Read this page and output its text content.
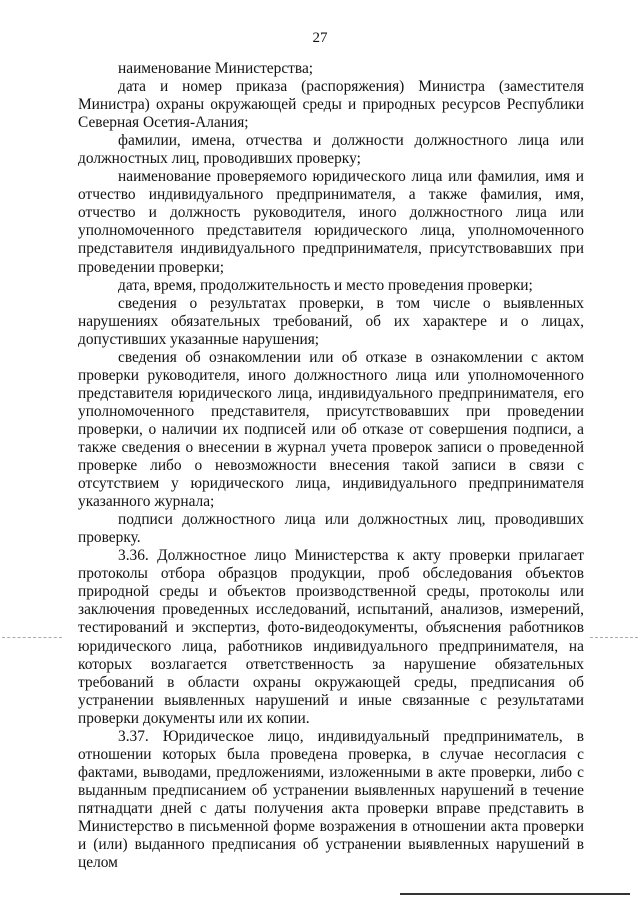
27

наименование Министерства;

дата и номер приказа (распоряжения) Министра (заместителя Министра) охраны окружающей среды и природных ресурсов Республики Северная Осетия-Алания;

фамилии, имена, отчества и должности должностного лица или должностных лиц, проводивших проверку;

наименование проверяемого юридического лица или фамилия, имя и отчество индивидуального предпринимателя, а также фамилия, имя, отчество и должность руководителя, иного должностного лица или уполномоченного представителя юридического лица, уполномоченного представителя индивидуального предпринимателя, присутствовавших при проведении проверки;

дата, время, продолжительность и место проведения проверки;

сведения о результатах проверки, в том числе о выявленных нарушениях обязательных требований, об их характере и о лицах, допустивших указанные нарушения;

сведения об ознакомлении или об отказе в ознакомлении с актом проверки руководителя, иного должностного лица или уполномоченного представителя юридического лица, индивидуального предпринимателя, его уполномоченного представителя, присутствовавших при проведении проверки, о наличии их подписей или об отказе от совершения подписи, а также сведения о внесении в журнал учета проверок записи о проведенной проверке либо о невозможности внесения такой записи в связи с отсутствием у юридического лица, индивидуального предпринимателя указанного журнала;

подписи должностного лица или должностных лиц, проводивших проверку.

3.36. Должностное лицо Министерства к акту проверки прилагает протоколы отбора образцов продукции, проб обследования объектов природной среды и объектов производственной среды, протоколы или заключения проведенных исследований, испытаний, анализов, измерений, тестирований и экспертиз, фото-видеодокументы, объяснения работников юридического лица, работников индивидуального предпринимателя, на которых возлагается ответственность за нарушение обязательных требований в области охраны окружающей среды, предписания об устранении выявленных нарушений и иные связанные с результатами проверки документы или их копии.

3.37. Юридическое лицо, индивидуальный предприниматель, в отношении которых была проведена проверка, в случае несогласия с фактами, выводами, предложениями, изложенными в акте проверки, либо с выданным предписанием об устранении выявленных нарушений в течение пятнадцати дней с даты получения акта проверки вправе представить в Министерство в письменной форме возражения в отношении акта проверки и (или) выданного предписания об устранении выявленных нарушений в целом
